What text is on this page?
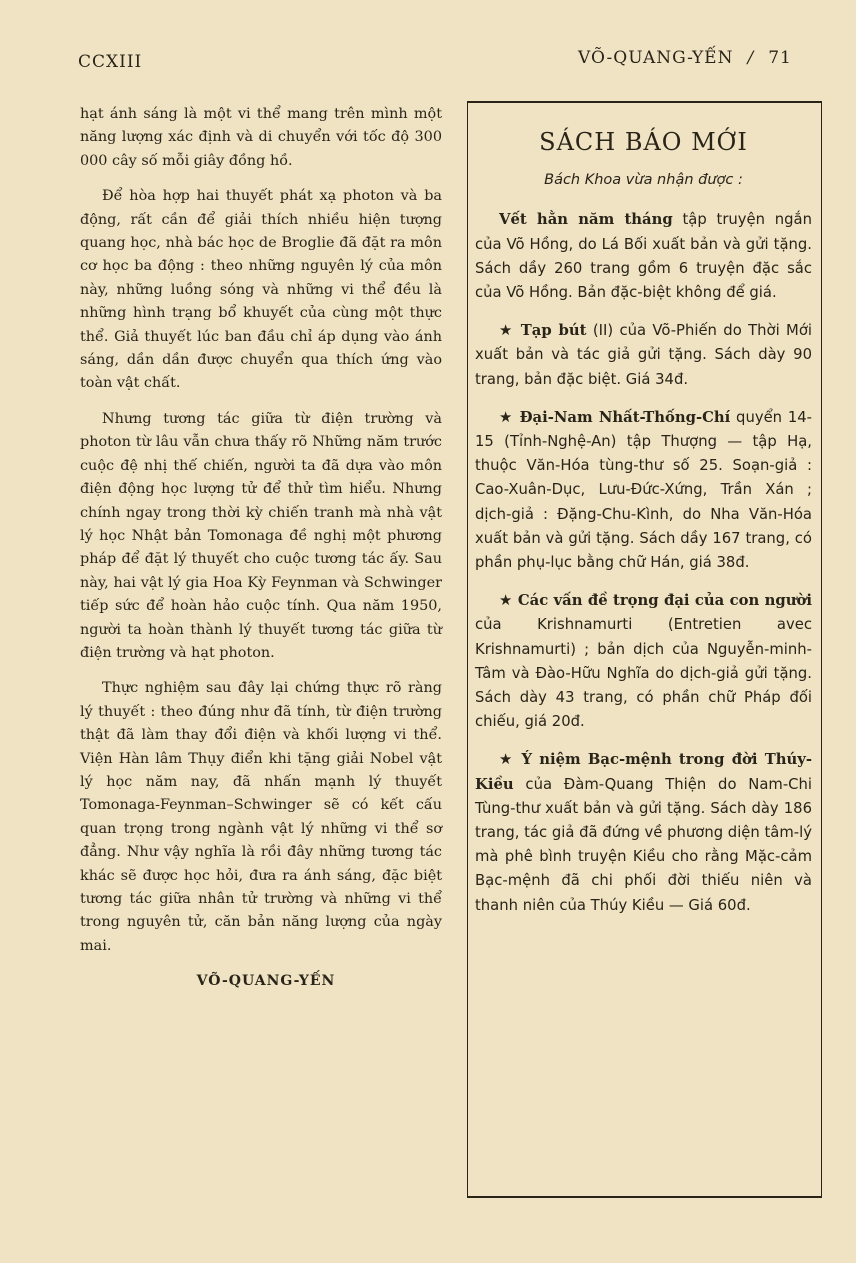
CCXIII	VÕ-QUANG-YẾN / 71

hạt ánh sáng là một vi thể mang trên mình một năng lượng xác định và di chuyển với tốc độ 300 000 cây số mỗi giây đồng hồ.

Để hòa hợp hai thuyết phát xạ photon và ba động, rất cần để giải thích nhiều hiện tượng quang học, nhà bác học de Broglie đã đặt ra môn cơ học ba động : theo những nguyên lý của môn này, những luồng sóng và những vi thể đều là những hình trạng bổ khuyết của cùng một thực thể. Giả thuyết lúc ban đầu chỉ áp dụng vào ánh sáng, dần dần được chuyển qua thích ứng vào toàn vật chất.

Nhưng tương tác giữa từ điện trường và photon từ lâu vẫn chưa thấy rõ Những năm trước cuộc đệ nhị thế chiến, người ta đã dựa vào môn điện động học lượng tử để thử tìm hiểu. Nhưng chính ngay trong thời kỳ chiến tranh mà nhà vật lý học Nhật bản Tomonaga đề nghị một phương pháp để đặt lý thuyết cho cuộc tương tác ấy. Sau này, hai vật lý gia Hoa Kỳ Feynman và Schwinger tiếp sức để hoàn hảo cuộc tính. Qua năm 1950, người ta hoàn thành lý thuyết tương tác giữa từ điện trường và hạt photon.

Thực nghiệm sau đây lại chứng thực rõ ràng lý thuyết : theo đúng như đã tính, từ điện trường thật đã làm thay đổi điện và khối lượng vi thể. Viện Hàn lâm Thụy điển khi tặng giải Nobel vật lý học năm nay, đã nhấn mạnh lý thuyết Tomonaga-Feynman–Schwinger sẽ có kết cấu quan trọng trong ngành vật lý những vi thể sơ đẳng. Như vậy nghĩa là rồi đây những tương tác khác sẽ được học hỏi, đưa ra ánh sáng, đặc biệt tương tác giữa nhân tử trường và những vi thể trong nguyên tử, căn bản năng lượng của ngày mai.

VÕ-QUANG-YẾN
SÁCH BÁO MỚI
Bách Khoa vừa nhận được :

Vết hằn năm tháng tập truyện ngắn của Võ Hồng, do Lá Bối xuất bản và gửi tặng. Sách dầy 260 trang gồm 6 truyện đặc sắc của Võ Hồng. Bản đặc-biệt không để giá.

★ Tạp bút (II) của Võ-Phiến do Thời Mới xuất bản và tác giả gửi tặng. Sách dày 90 trang, bản đặc biệt. Giá 34đ.

★ Đại-Nam Nhất-Thống-Chí quyển 14-15 (Tỉnh-Nghệ-An) tập Thượng — tập Hạ, thuộc Văn-Hóa tùng-thư số 25. Soạn-giả : Cao-Xuân-Dục, Lưu-Đức-Xứng, Trần Xán ; dịch-giả : Đặng-Chu-Kình, do Nha Văn-Hóa xuất bản và gửi tặng. Sách dầy 167 trang, có phần phụ-lục bằng chữ Hán, giá 38đ.

★ Các vấn đề trọng đại của con người của Krishnamurti (Entretien avec Krishnamurti) ; bản dịch của Nguyễn-minh-Tâm và Đào-Hữu Nghĩa do dịch-giả gửi tặng. Sách dày 43 trang, có phần chữ Pháp đối chiếu, giá 20đ.

★ Ý niệm Bạc-mệnh trong đời Thúy-Kiều của Đàm-Quang Thiện do Nam-Chi Tùng-thư xuất bản và gửi tặng. Sách dày 186 trang, tác giả đã đứng về phương diện tâm-lý mà phê bình truyện Kiều cho rằng Mặc-cảm Bạc-mệnh đã chi phối đời thiếu niên và thanh niên của Thúy Kiều — Giá 60đ.
